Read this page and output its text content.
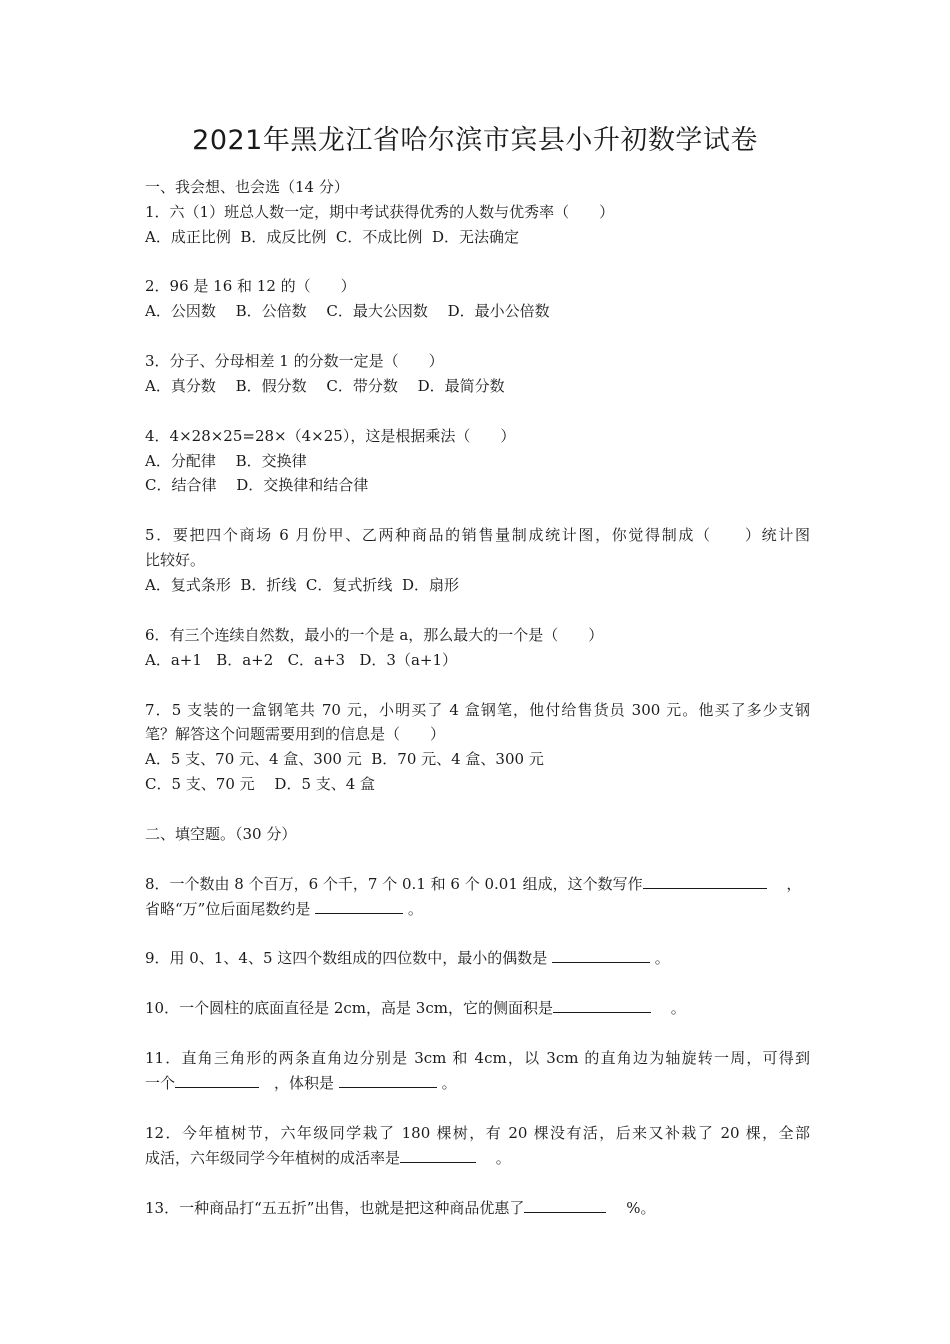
2021年黑龙江省哈尔滨市宾县小升初数学试卷
一、我会想、也会选（14 分）
1．六（1）班总人数一定，期中考试获得优秀的人数与优秀率（　　）
A．成正比例  B．成反比例  C．不成比例  D．无法确定
2．96 是 16 和 12 的（　　）
A．公因数　 B．公倍数　 C．最大公因数　 D．最小公倍数
3．分子、分母相差 1 的分数一定是（　　）
A．真分数　 B．假分数　 C．带分数　 D．最简分数
4．4×28×25=28×（4×25），这是根据乘法（　　）
A．分配律　 B．交换律
C．结合律　 D．交换律和结合律
5．要把四个商场 6 月份甲、乙两种商品的销售量制成统计图，你觉得制成（　　）统计图
比较好。
A．复式条形  B．折线  C．复式折线  D．扇形
6．有三个连续自然数，最小的一个是 a，那么最大的一个是（　　）
A．a+1   B．a+2   C．a+3   D．3（a+1）
7．5 支装的一盒钢笔共 70 元，小明买了 4 盒钢笔，他付给售货员 300 元。他买了多少支钢
笔？解答这个问题需要用到的信息是（　　）
A．5 支、70 元、4 盒、300 元  B．70 元、4 盒、300 元
C．5 支、70 元　 D．5 支、4 盒
二、填空题。（30 分）
8．一个数由 8 个百万，6 个千，7 个 0.1 和 6 个 0.01 组成，这个数写作	　 ，
省略“万”位后面尾数约是	。
9．用 0、1、4、5 这四个数组成的四位数中，最小的偶数是	。
10．一个圆柱的底面直径是 2cm，高是 3cm，它的侧面积是	　 。
11．直角三角形的两条直角边分别是 3cm 和 4cm，以 3cm 的直角边为轴旋转一周，可得到
一个	　，体积是	。
12．今年植树节，六年级同学栽了 180 棵树，有 20 棵没有活，后来又补栽了 20 棵，全部
成活，六年级同学今年植树的成活率是	　 。
13．一种商品打“五五折”出售，也就是把这种商品优惠了	　 %。
